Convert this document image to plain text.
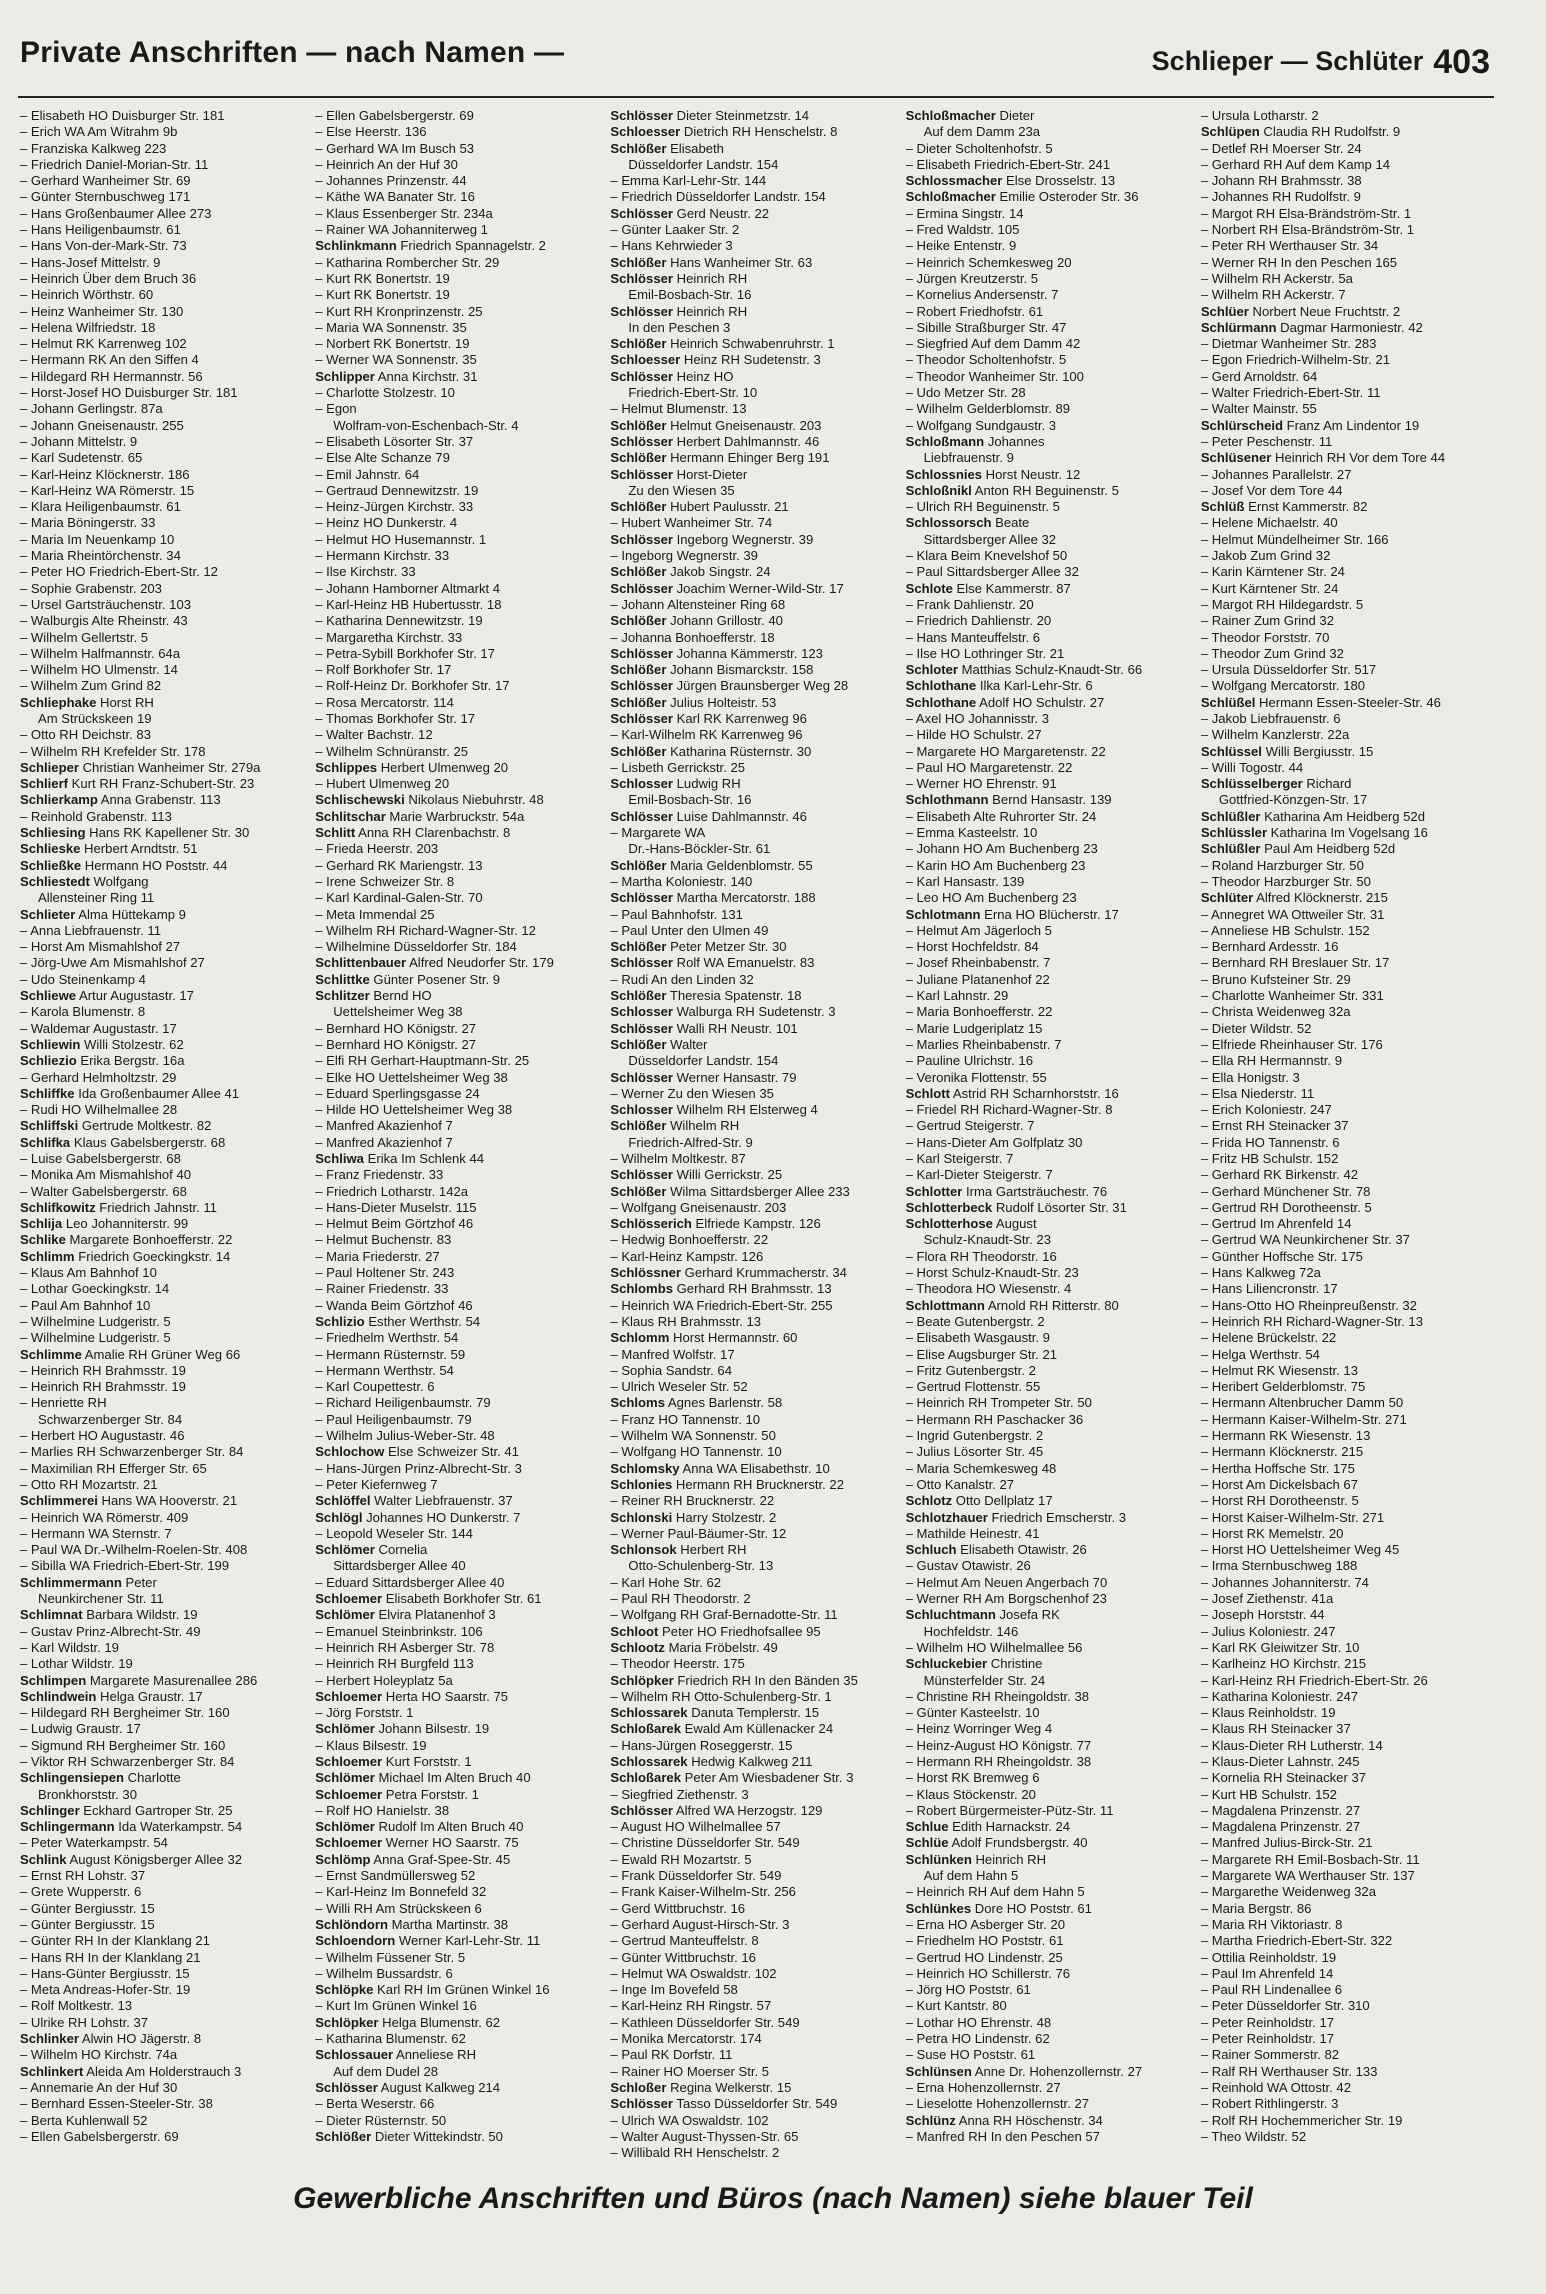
Private Anschriften — nach Namen —	Schlieper — Schlüter 403
– Elisabeth HO Duisburger Str. 181
– Erich WA Am Witrahm 9b
– Franziska Kalkweg 223
– Friedrich Daniel-Morian-Str. 11
– Gerhard Wanheimer Str. 69
– Günter Sternbuschweg 171
– Hans Großenbaumer Allee 273
– Hans Heiligenbaumstr. 61
– Hans Von-der-Mark-Str. 73
– Hans-Josef Mittelstr. 9
– Heinrich Über dem Bruch 36
– Heinrich Wörthstr. 60
– Heinz Wanheimer Str. 130
– Helena Wilfriedstr. 18
– Helmut RK Karrenweg 102
– Hermann RK An den Siffen 4
– Hildegard RH Hermannstr. 56
– Horst-Josef HO Duisburger Str. 181
– Johann Gerlingstr. 87a
– Johann Gneisenaustr. 255
– Johann Mittelstr. 9
– Karl Sudetenstr. 65
– Karl-Heinz Klöcknerstr. 186
– Karl-Heinz WA Römerstr. 15
– Klara Heiligenbaumstr. 61
– Maria Böningerstr. 33
– Maria Im Neuenkamp 10
– Maria Rheintörchenstr. 34
– Peter HO Friedrich-Ebert-Str. 12
– Sophie Grabenstr. 203
– Ursel Gartsträuchenstr. 103
– Walburgis Alte Rheinstr. 43
– Wilhelm Gellertstr. 5
– Wilhelm Halfmannstr. 64a
– Wilhelm HO Ulmenstr. 14
– Wilhelm Zum Grind 82
Schliephake Horst RH
Am Strückskeen 19
– Otto RH Deichstr. 83
– Wilhelm RH Krefelder Str. 178
Schlieper Christian Wanheimer Str. 279a
Schlierf Kurt RH Franz-Schubert-Str. 23
Schlierkamp Anna Grabenstr. 113
– Reinhold Grabenstr. 113
Schliesing Hans RK Kapellener Str. 30
Schlieske Herbert Arndtstr. 51
Schließke Hermann HO Poststr. 44
Schliestedt Wolfgang
Allensteiner Ring 11
Schlieter Alma Hüttekamp 9
– Anna Liebfrauenstr. 11
– Horst Am Mismahlshof 27
– Jörg-Uwe Am Mismahlshof 27
– Udo Steinenkamp 4
Schliewe Artur Augustastr. 17
– Karola Blumenstr. 8
– Waldemar Augustastr. 17
Schliewin Willi Stolzestr. 62
Schliezio Erika Bergstr. 16a
– Gerhard Helmholtzstr. 29
Schliffke Ida Großenbaumer Allee 41
– Rudi HO Wilhelmallee 28
Schliffski Gertrude Moltkestr. 82
Schlifka Klaus Gabelsbergerstr. 68
– Luise Gabelsbergerstr. 68
– Monika Am Mismahlshof 40
– Walter Gabelsbergerstr. 68
Schlifkowitz Friedrich Jahnstr. 11
Schlija Leo Johanniterstr. 99
Schlike Margarete Bonhoefferstr. 22
Schlimm Friedrich Goeckingkstr. 14
– Klaus Am Bahnhof 10
– Lothar Goeckingkstr. 14
– Paul Am Bahnhof 10
– Wilhelmine Ludgeristr. 5
– Wilhelmine Ludgeristr. 5
Schlimme Amalie RH Grüner Weg 66
– Heinrich RH Brahmsstr. 19
– Heinrich RH Brahmsstr. 19
– Henriette RH
Schwarzenberger Str. 84
– Herbert HO Augustastr. 46
– Marlies RH Schwarzenberger Str. 84
– Maximilian RH Efferger Str. 65
– Otto RH Mozartstr. 21
Schlimmerei Hans WA Hooverstr. 21
– Heinrich WA Römerstr. 409
– Hermann WA Sternstr. 7
– Paul WA Dr.-Wilhelm-Roelen-Str. 408
– Sibilla WA Friedrich-Ebert-Str. 199
Schlimmermann Peter
Neunkirchener Str. 11
Schlimnat Barbara Wildstr. 19
– Gustav Prinz-Albrecht-Str. 49
– Karl Wildstr. 19
– Lothar Wildstr. 19
Schlimpen Margarete Masurenallee 286
Schlindwein Helga Graustr. 17
– Hildegard RH Bergheimer Str. 160
– Ludwig Graustr. 17
– Sigmund RH Bergheimer Str. 160
– Viktor RH Schwarzenberger Str. 84
Schlingensiepen Charlotte
Bronkhorststr. 30
Schlinger Eckhard Gartroper Str. 25
Schlingermann Ida Waterkampstr. 54
– Peter Waterkampstr. 54
Schlink August Königsberger Allee 32
– Ernst RH Lohstr. 37
– Grete Wupperstr. 6
– Günter Bergiusstr. 15
– Günter Bergiusstr. 15
– Günter RH In der Klanklang 21
– Hans RH In der Klanklang 21
– Hans-Günter Bergiusstr. 15
– Meta Andreas-Hofer-Str. 19
– Rolf Moltkestr. 13
– Ulrike RH Lohstr. 37
Schlinker Alwin HO Jägerstr. 8
– Wilhelm HO Kirchstr. 74a
Schlinkert Aleida Am Holderstrauch 3
– Annemarie An der Huf 30
– Bernhard Essen-Steeler-Str. 38
– Berta Kuhlenwall 52
– Ellen Gabelsbergerstr. 69
– Ellen Gabelsbergerstr. 69
– Else Heerstr. 136
– Gerhard WA Im Busch 53
– Heinrich An der Huf 30
– Johannes Prinzenstr. 44
– Käthe WA Banater Str. 16
– Klaus Essenberger Str. 234a
– Rainer WA Johanniterweg 1
Schlinkmann Friedrich Spannagelstr. 2
– Katharina Rombercher Str. 29
– Kurt RK Bonertstr. 19
– Kurt RK Bonertstr. 19
– Kurt RH Kronprinzenstr. 25
– Maria WA Sonnenstr. 35
– Norbert RK Bonertstr. 19
– Werner WA Sonnenstr. 35
Schlipper Anna Kirchstr. 31
– Charlotte Stolzestr. 10
– Egon
Wolfram-von-Eschenbach-Str. 4
– Elisabeth Lösorter Str. 37
– Else Alte Schanze 79
– Emil Jahnstr. 64
– Gertraud Dennewitzstr. 19
– Heinz-Jürgen Kirchstr. 33
– Heinz HO Dunkerstr. 4
– Helmut HO Husemannstr. 1
– Hermann Kirchstr. 33
– Ilse Kirchstr. 33
– Johann Hamborner Altmarkt 4
– Karl-Heinz HB Hubertusstr. 18
– Katharina Dennewitzstr. 19
– Margaretha Kirchstr. 33
– Petra-Sybill Borkhofer Str. 17
– Rolf Borkhofer Str. 17
– Rolf-Heinz Dr. Borkhofer Str. 17
– Rosa Mercatorstr. 114
– Thomas Borkhofer Str. 17
– Walter Bachstr. 12
– Wilhelm Schnüranstr. 25
Schlippes Herbert Ulmenweg 20
– Hubert Ulmenweg 20
Schlischewski Nikolaus Niebuhrstr. 48
Schlitschar Marie Warbruckstr. 54a
Schlitt Anna RH Clarenbachstr. 8
– Frieda Heerstr. 203
– Gerhard RK Mariengstr. 13
– Irene Schweizer Str. 8
– Karl Kardinal-Galen-Str. 70
– Meta Immendal 25
– Wilhelm RH Richard-Wagner-Str. 12
– Wilhelmine Düsseldorfer Str. 184
Schlittenbauer Alfred Neudorfer Str. 179
Schlittke Günter Posener Str. 9
Schlitzer Bernd HO
Uettelsheimer Weg 38
– Bernhard HO Königstr. 27
– Bernhard HO Königstr. 27
– Elfi RH Gerhart-Hauptmann-Str. 25
– Elke HO Uettelsheimer Weg 38
– Eduard Sperlingsgasse 24
– Hilde HO Uettelsheimer Weg 38
– Manfred Akazienhof 7
– Manfred Akazienhof 7
Schliwa Erika Im Schlenk 44
– Franz Friedenstr. 33
– Friedrich Lotharstr. 142a
– Hans-Dieter Muselstr. 115
– Helmut Beim Görtzhof 46
– Helmut Buchenstr. 83
– Maria Friederstr. 27
– Paul Holtener Str. 243
– Rainer Friedenstr. 33
– Wanda Beim Görtzhof 46
Schlizio Esther Werthstr. 54
– Friedhelm Werthstr. 54
– Hermann Rüsternstr. 59
– Hermann Werthstr. 54
– Karl Coupettestr. 6
– Richard Heiligenbaumstr. 79
– Paul Heiligenbaumstr. 79
– Wilhelm Julius-Weber-Str. 48
Schlochow Else Schweizer Str. 41
– Hans-Jürgen Prinz-Albrecht-Str. 3
– Peter Kiefernweg 7
Schlöffel Walter Liebfrauenstr. 37
Schlögl Johannes HO Dunkerstr. 7
– Leopold Weseler Str. 144
Schlömer Cornelia
Sittardsberger Allee 40
– Eduard Sittardsberger Allee 40
Schloemer Elisabeth Borkhofer Str. 61
Schlömer Elvira Platanenhof 3
– Emanuel Steinbrinkstr. 106
– Heinrich RH Asberger Str. 78
– Heinrich RH Burgfeld 113
– Herbert Holeyplatz 5a
Schloemer Herta HO Saarstr. 75
– Jörg Forststr. 1
Schlömer Johann Bilsestr. 19
– Klaus Bilsestr. 19
Schloemer Kurt Forststr. 1
Schlömer Michael Im Alten Bruch 40
Schloemer Petra Forststr. 1
– Rolf HO Hanielstr. 38
Schlömer Rudolf Im Alten Bruch 40
Schloemer Werner HO Saarstr. 75
Schlömp Anna Graf-Spee-Str. 45
– Ernst Sandmüllersweg 52
– Karl-Heinz Im Bonnefeld 32
– Willi RH Am Strückskeen 6
Schlöndorn Martha Martinstr. 38
Schloendorn Werner Karl-Lehr-Str. 11
– Wilhelm Füssener Str. 5
– Wilhelm Bussardstr. 6
Schlöpke Karl RH Im Grünen Winkel 16
– Kurt Im Grünen Winkel 16
Schlöpker Helga Blumenstr. 62
– Katharina Blumenstr. 62
Schlossauer Anneliese RH
Auf dem Dudel 28
Schlösser August Kalkweg 214
– Berta Weserstr. 66
– Dieter Rüsternstr. 50
Schlößer Dieter Wittekindstr. 50
Schlösser Dieter Steinmetzstr. 14
Schloesser Dietrich RH Henschelstr. 8
Schlößer Elisabeth
Düsseldorfer Landstr. 154
– Emma Karl-Lehr-Str. 144
– Friedrich Düsseldorfer Landstr. 154
Schlösser Gerd Neustr. 22
– Günter Laaker Str. 2
– Hans Kehrwieder 3
Schlößer Hans Wanheimer Str. 63
Schlösser Heinrich RH
Emil-Bosbach-Str. 16
Schlösser Heinrich RH
In den Peschen 3
Schlößer Heinrich Schwabenruhrstr. 1
Schloesser Heinz RH Sudetenstr. 3
Schlösser Heinz HO
Friedrich-Ebert-Str. 10
– Helmut Blumenstr. 13
Schlößer Helmut Gneisenaustr. 203
Schlösser Herbert Dahlmannstr. 46
Schlößer Hermann Ehinger Berg 191
Schlösser Horst-Dieter
Zu den Wiesen 35
Schlößer Hubert Paulusstr. 21
– Hubert Wanheimer Str. 74
Schlösser Ingeborg Wegnerstr. 39
– Ingeborg Wegnerstr. 39
Schlößer Jakob Singstr. 24
Schlösser Joachim Werner-Wild-Str. 17
– Johann Altensteiner Ring 68
Schlößer Johann Grillostr. 40
– Johanna Bonhoefferstr. 18
Schlösser Johanna Kämmerstr. 123
Schlößer Johann Bismarckstr. 158
Schlösser Jürgen Braunsberger Weg 28
Schlößer Julius Holteistr. 53
Schlösser Karl RK Karrenweg 96
– Karl-Wilhelm RK Karrenweg 96
Schlößer Katharina Rüsternstr. 30
– Lisbeth Gerrickstr. 25
Schlosser Ludwig RH
Emil-Bosbach-Str. 16
Schlösser Luise Dahlmannstr. 46
– Margarete WA
Dr.-Hans-Böckler-Str. 61
Schlößer Maria Geldenblomstr. 55
– Martha Koloniestr. 140
Schlösser Martha Mercatorstr. 188
– Paul Bahnhofstr. 131
– Paul Unter den Ulmen 49
Schlößer Peter Metzer Str. 30
Schlösser Rolf WA Emanuelstr. 83
– Rudi An den Linden 32
Schlößer Theresia Spatenstr. 18
Schlosser Walburga RH Sudetenstr. 3
Schlösser Walli RH Neustr. 101
Schlößer Walter
Düsseldorfer Landstr. 154
Schlösser Werner Hansastr. 79
– Werner Zu den Wiesen 35
Schlosser Wilhelm RH Elsterweg 4
Schlößer Wilhelm RH
Friedrich-Alfred-Str. 9
– Wilhelm Moltkestr. 87
Schlösser Willi Gerrickstr. 25
Schlößer Wilma Sittardsberger Allee 233
– Wolfgang Gneisenaustr. 203
Schlösserich Elfriede Kampstr. 126
– Hedwig Bonhoefferstr. 22
– Karl-Heinz Kampstr. 126
Schlössner Gerhard Krummacherstr. 34
Schlombs Gerhard RH Brahmsstr. 13
– Heinrich WA Friedrich-Ebert-Str. 255
– Klaus RH Brahmsstr. 13
Schlomm Horst Hermannstr. 60
– Manfred Wolfstr. 17
– Sophia Sandstr. 64
– Ulrich Weseler Str. 52
Schloms Agnes Barlenstr. 58
– Franz HO Tannenstr. 10
– Wilhelm WA Sonnenstr. 50
– Wolfgang HO Tannenstr. 10
Schlomsky Anna WA Elisabethstr. 10
Schlonies Hermann RH Brucknerstr. 22
– Reiner RH Brucknerstr. 22
Schlonski Harry Stolzestr. 2
– Werner Paul-Bäumer-Str. 12
Schlonsok Herbert RH
Otto-Schulenberg-Str. 13
– Karl Hohe Str. 62
– Paul RH Theodorstr. 2
– Wolfgang RH Graf-Bernadotte-Str. 11
Schloot Peter HO Friedhofsallee 95
Schlootz Maria Fröbelstr. 49
– Theodor Heerstr. 175
Schlöpker Friedrich RH In den Bänden 35
– Wilhelm RH Otto-Schulenberg-Str. 1
Schlossarek Danuta Templerstr. 15
Schloßarek Ewald Am Küllenacker 24
– Hans-Jürgen Roseggerstr. 15
Schlossarek Hedwig Kalkweg 211
Schloßarek Peter Am Wiesbadener Str. 3
– Siegfried Ziethenstr. 3
Schlösser Alfred WA Herzogstr. 129
– August HO Wilhelmallee 57
– Christine Düsseldorfer Str. 549
– Ewald RH Mozartstr. 5
– Frank Düsseldorfer Str. 549
– Frank Kaiser-Wilhelm-Str. 256
– Gerd Wittbruchstr. 16
– Gerhard August-Hirsch-Str. 3
– Gertrud Manteuffelstr. 8
– Günter Wittbruchstr. 16
– Helmut WA Oswaldstr. 102
– Inge Im Bovefeld 58
– Karl-Heinz RH Ringstr. 57
– Kathleen Düsseldorfer Str. 549
– Monika Mercatorstr. 174
– Paul RK Dorfstr. 11
– Rainer HO Moerser Str. 5
Schloßer Regina Welkerstr. 15
Schlösser Tasso Düsseldorfer Str. 549
– Ulrich WA Oswaldstr. 102
– Walter August-Thyssen-Str. 65
– Willibald RH Henschelstr. 2
Schloßmacher Dieter
Auf dem Damm 23a
– Dieter Scholtenhofstr. 5
– Elisabeth Friedrich-Ebert-Str. 241
Schlossmacher Else Drosselstr. 13
Schloßmacher Emilie Osteroder Str. 36
– Ermina Singstr. 14
– Fred Waldstr. 105
– Heike Entenstr. 9
– Heinrich Schemkesweg 20
– Jürgen Kreutzerstr. 5
– Kornelius Andersenstr. 7
– Robert Friedhofstr. 61
– Sibille Straßburger Str. 47
– Siegfried Auf dem Damm 42
– Theodor Scholtenhofstr. 5
– Theodor Wanheimer Str. 100
– Udo Metzer Str. 28
– Wilhelm Gelderblomstr. 89
– Wolfgang Sundgaustr. 3
Schloßmann Johannes
Liebfrauenstr. 9
Schlossnies Horst Neustr. 12
Schloßnikl Anton RH Beguinenstr. 5
– Ulrich RH Beguinenstr. 5
Schlossorsch Beate
Sittardsberger Allee 32
– Klara Beim Knevelshof 50
– Paul Sittardsberger Allee 32
Schlote Else Kammerstr. 87
– Frank Dahlienstr. 20
– Friedrich Dahlienstr. 20
– Hans Manteuffelstr. 6
– Ilse HO Lothringer Str. 21
Schloter Matthias Schulz-Knaudt-Str. 66
Schlothane Ilka Karl-Lehr-Str. 6
Schlothane Adolf HO Schulstr. 27
– Axel HO Johannisstr. 3
– Hilde HO Schulstr. 27
– Margarete HO Margaretenstr. 22
– Paul HO Margaretenstr. 22
– Werner HO Ehrenstr. 91
Schlothmann Bernd Hansastr. 139
– Elisabeth Alte Ruhrorter Str. 24
– Emma Kasteelstr. 10
– Johann HO Am Buchenberg 23
– Karin HO Am Buchenberg 23
– Karl Hansastr. 139
– Leo HO Am Buchenberg 23
Schlotmann Erna HO Blücherstr. 17
– Helmut Am Jägerloch 5
– Horst Hochfeldstr. 84
– Josef Rheinbabenstr. 7
– Juliane Platanenhof 22
– Karl Lahnstr. 29
– Maria Bonhoefferstr. 22
– Marie Ludgeriplatz 15
– Marlies Rheinbabenstr. 7
– Pauline Ulrichstr. 16
– Veronika Flottenstr. 55
Schlott Astrid RH Scharnhorststr. 16
– Friedel RH Richard-Wagner-Str. 8
– Gertrud Steigerstr. 7
– Hans-Dieter Am Golfplatz 30
– Karl Steigerstr. 7
– Karl-Dieter Steigerstr. 7
Schlotter Irma Gartsträuchestr. 76
Schlotterbeck Rudolf Lösorter Str. 31
Schlotterhose August
Schulz-Knaudt-Str. 23
– Flora RH Theodorstr. 16
– Horst Schulz-Knaudt-Str. 23
– Theodora HO Wiesenstr. 4
Schlottmann Arnold RH Ritterstr. 80
– Beate Gutenbergstr. 2
– Elisabeth Wasgaustr. 9
– Elise Augsburger Str. 21
– Fritz Gutenbergstr. 2
– Gertrud Flottenstr. 55
– Heinrich RH Trompeter Str. 50
– Hermann RH Paschacker 36
– Ingrid Gutenbergstr. 2
– Julius Lösorter Str. 45
– Maria Schemkesweg 48
– Otto Kanalstr. 27
Schlotz Otto Dellplatz 17
Schlotzhauer Friedrich Emscherstr. 3
– Mathilde Heinestr. 41
Schluch Elisabeth Otawistr. 26
– Gustav Otawistr. 26
– Helmut Am Neuen Angerbach 70
– Werner RH Am Borgschenhof 23
Schluchtmann Josefa RK
Hochfeldstr. 146
– Wilhelm HO Wilhelmallee 56
Schluckebier Christine
Münsterfelder Str. 24
– Christine RH Rheingoldstr. 38
– Günter Kasteelstr. 10
– Heinz Worringer Weg 4
– Heinz-August HO Königstr. 77
– Hermann RH Rheingoldstr. 38
– Horst RK Bremweg 6
– Klaus Stöckenstr. 20
– Robert Bürgermeister-Pütz-Str. 11
Schlue Edith Harnackstr. 24
Schlüe Adolf Frundsbergstr. 40
Schlünken Heinrich RH
Auf dem Hahn 5
– Heinrich RH Auf dem Hahn 5
Schlünkes Dore HO Poststr. 61
– Erna HO Asberger Str. 20
– Friedhelm HO Poststr. 61
– Gertrud HO Lindenstr. 25
– Heinrich HO Schillerstr. 76
– Jörg HO Poststr. 61
– Kurt Kantstr. 80
– Lothar HO Ehrenstr. 48
– Petra HO Lindenstr. 62
– Suse HO Poststr. 61
Schlünsen Anne Dr. Hohenzollernstr. 27
– Erna Hohenzollernstr. 27
– Lieselotte Hohenzollernstr. 27
Schlünz Anna RH Höschenstr. 34
– Manfred RH In den Peschen 57
– Ursula Lotharstr. 2
Schlüpen Claudia RH Rudolfstr. 9
– Detlef RH Moerser Str. 24
– Gerhard RH Auf dem Kamp 14
– Johann RH Brahmsstr. 38
– Johannes RH Rudolfstr. 9
– Margot RH Elsa-Brändström-Str. 1
– Norbert RH Elsa-Brändström-Str. 1
– Peter RH Werthauser Str. 34
– Werner RH In den Peschen 165
– Wilhelm RH Ackerstr. 5a
– Wilhelm RH Ackerstr. 7
Schlüer Norbert Neue Fruchtstr. 2
Schlürmann Dagmar Harmoniestr. 42
– Dietmar Wanheimer Str. 283
– Egon Friedrich-Wilhelm-Str. 21
– Gerd Arnoldstr. 64
– Walter Friedrich-Ebert-Str. 11
– Walter Mainstr. 55
Schlürscheid Franz Am Lindentor 19
– Peter Peschenstr. 11
Schlüsener Heinrich RH Vor dem Tore 44
– Johannes Parallelstr. 27
– Josef Vor dem Tore 44
Schlüß Ernst Kammerstr. 82
– Helene Michaelstr. 40
– Helmut Mündelheimer Str. 166
– Jakob Zum Grind 32
– Karin Kärntener Str. 24
– Kurt Kärntener Str. 24
– Margot RH Hildegardstr. 5
– Rainer Zum Grind 32
– Theodor Forststr. 70
– Theodor Zum Grind 32
– Ursula Düsseldorfer Str. 517
– Wolfgang Mercatorstr. 180
Schlüßel Hermann Essen-Steeler-Str. 46
– Jakob Liebfrauenstr. 6
– Wilhelm Kanzlerstr. 22a
Schlüssel Willi Bergiusstr. 15
– Willi Togostr. 44
Schlüsselberger Richard
Gottfried-Könzgen-Str. 17
Schlüßler Katharina Am Heidberg 52d
Schlüssler Katharina Im Vogelsang 16
Schlüßler Paul Am Heidberg 52d
– Roland Harzburger Str. 50
– Theodor Harzburger Str. 50
Schlüter Alfred Klöcknerstr. 215
– Annegret WA Ottweiler Str. 31
– Anneliese HB Schulstr. 152
– Bernhard Ardesstr. 16
– Bernhard RH Breslauer Str. 17
– Bruno Kufsteiner Str. 29
– Charlotte Wanheimer Str. 331
– Christa Weidenweg 32a
– Dieter Wildstr. 52
– Elfriede Rheinhauser Str. 176
– Ella RH Hermannstr. 9
– Ella Honigstr. 3
– Elsa Niederstr. 11
– Erich Koloniestr. 247
– Ernst RH Steinacker 37
– Frida HO Tannenstr. 6
– Fritz HB Schulstr. 152
– Gerhard RK Birkenstr. 42
– Gerhard Münchener Str. 78
– Gertrud RH Dorotheenstr. 5
– Gertrud Im Ahrenfeld 14
– Gertrud WA Neunkirchener Str. 37
– Günther Hoffsche Str. 175
– Hans Kalkweg 72a
– Hans Liliencronstr. 17
– Hans-Otto HO Rheinpreußenstr. 32
– Heinrich RH Richard-Wagner-Str. 13
– Helene Brückelstr. 22
– Helga Werthstr. 54
– Helmut RK Wiesenstr. 13
– Heribert Gelderblomstr. 75
– Hermann Altenbrucher Damm 50
– Hermann Kaiser-Wilhelm-Str. 271
– Hermann RK Wiesenstr. 13
– Hermann Klöcknerstr. 215
– Hertha Hoffsche Str. 175
– Horst Am Dickelsbach 67
– Horst RH Dorotheenstr. 5
– Horst Kaiser-Wilhelm-Str. 271
– Horst RK Memelstr. 20
– Horst HO Uettelsheimer Weg 45
– Irma Sternbuschweg 188
– Johannes Johanniterstr. 74
– Josef Ziethenstr. 41a
– Joseph Horststr. 44
– Julius Koloniestr. 247
– Karl RK Gleiwitzer Str. 10
– Karlheinz HO Kirchstr. 215
– Karl-Heinz RH Friedrich-Ebert-Str. 26
– Katharina Koloniestr. 247
– Klaus Reinholdstr. 19
– Klaus RH Steinacker 37
– Klaus-Dieter RH Lutherstr. 14
– Klaus-Dieter Lahnstr. 245
– Kornelia RH Steinacker 37
– Kurt HB Schulstr. 152
– Magdalena Prinzenstr. 27
– Magdalena Prinzenstr. 27
– Manfred Julius-Birck-Str. 21
– Margarete RH Emil-Bosbach-Str. 11
– Margarete WA Werthauser Str. 137
– Margarethe Weidenweg 32a
– Maria Bergstr. 86
– Maria RH Viktoriastr. 8
– Martha Friedrich-Ebert-Str. 322
– Ottilia Reinholdstr. 19
– Paul Im Ahrenfeld 14
– Paul RH Lindenallee 6
– Peter Düsseldorfer Str. 310
– Peter Reinholdstr. 17
– Peter Reinholdstr. 17
– Rainer Sommerstr. 82
– Ralf RH Werthauser Str. 133
– Reinhold WA Ottostr. 42
– Robert Rithlingerstr. 3
– Rolf RH Hochemmericher Str. 19
– Theo Wildstr. 52
Gewerbliche Anschriften und Büros (nach Namen) siehe blauer Teil
